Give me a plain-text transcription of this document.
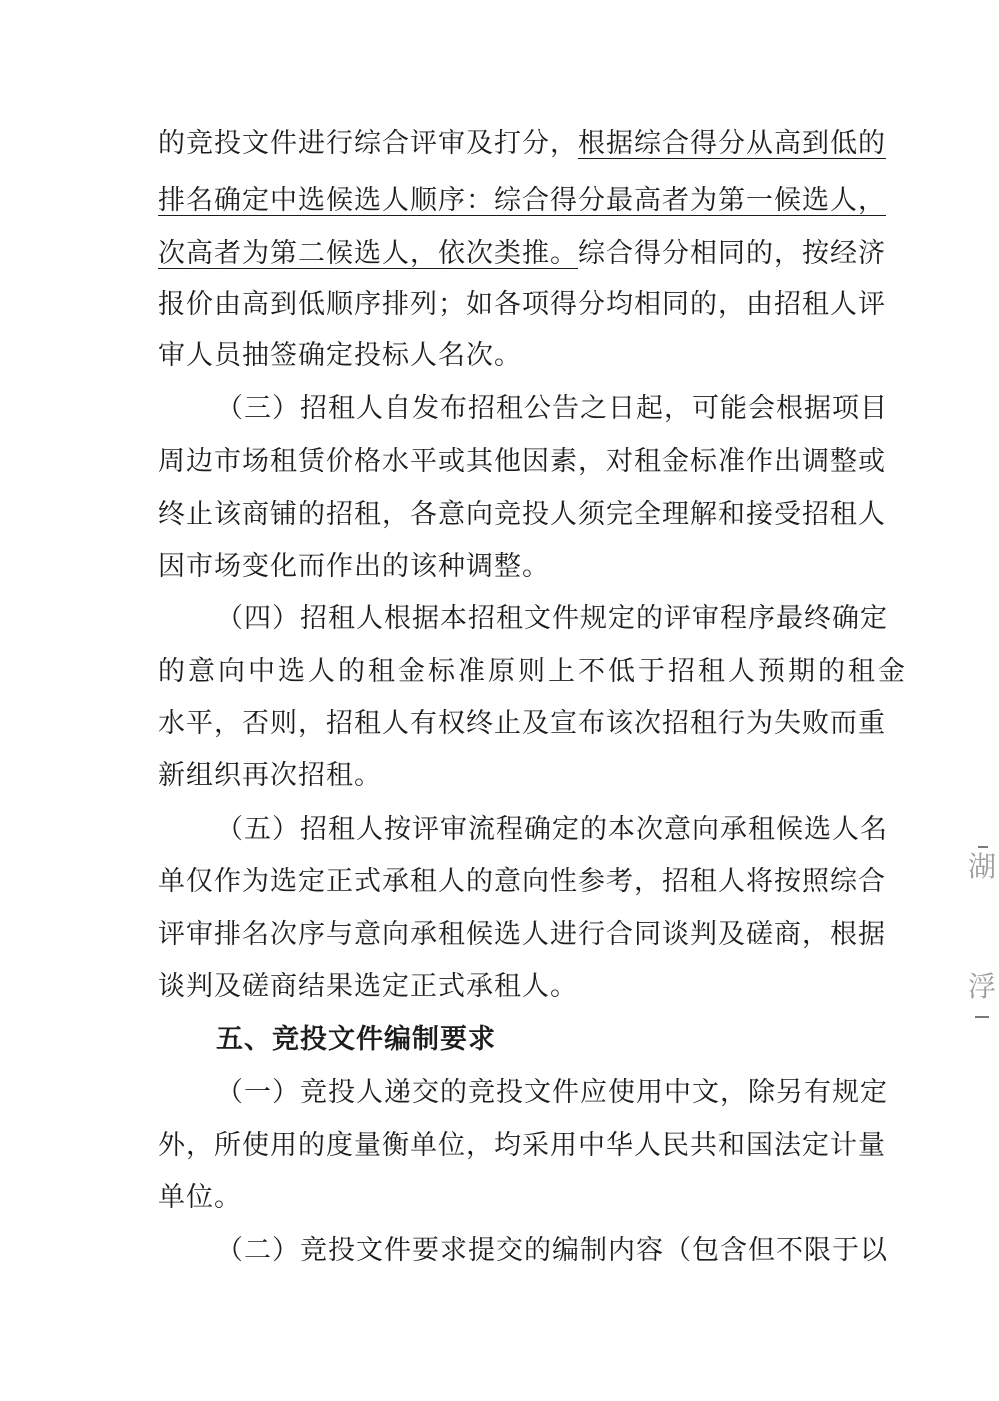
的竞投文件进行综合评审及打分，根据综合得分从高到低的
排名确定中选候选人顺序：综合得分最高者为第一候选人，
次高者为第二候选人，依次类推。综合得分相同的，按经济
报价由高到低顺序排列；如各项得分均相同的，由招租人评
审人员抽签确定投标人名次。
（三）招租人自发布招租公告之日起，可能会根据项目
周边市场租赁价格水平或其他因素，对租金标准作出调整或
终止该商铺的招租，各意向竞投人须完全理解和接受招租人
因市场变化而作出的该种调整。
（四）招租人根据本招租文件规定的评审程序最终确定
的意向中选人的租金标准原则上不低于招租人预期的租金
水平，否则，招租人有权终止及宣布该次招租行为失败而重
新组织再次招租。
（五）招租人按评审流程确定的本次意向承租候选人名
单仅作为选定正式承租人的意向性参考，招租人将按照综合
评审排名次序与意向承租候选人进行合同谈判及磋商，根据
谈判及磋商结果选定正式承租人。
五、竞投文件编制要求
（一）竞投人递交的竞投文件应使用中文，除另有规定
外，所使用的度量衡单位，均采用中华人民共和国法定计量
单位。
（二）竞投文件要求提交的编制内容（包含但不限于以
湖
浮
